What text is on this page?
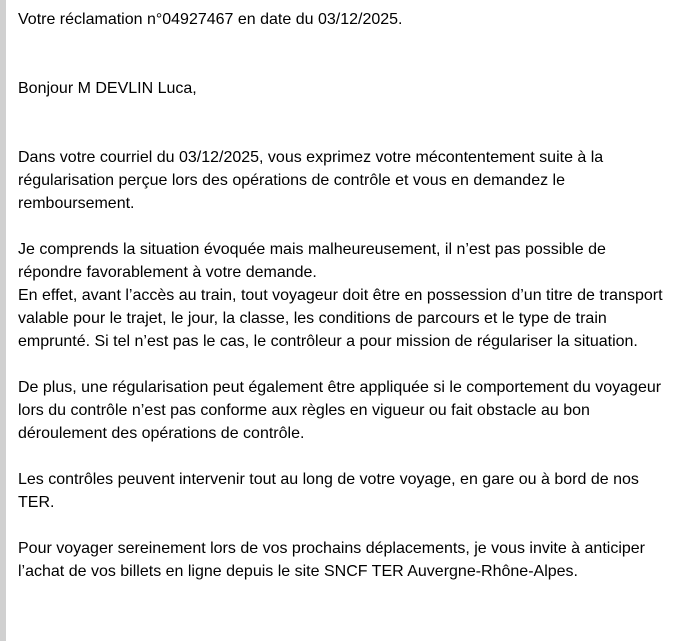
Votre réclamation n°04927467 en date du 03/12/2025.

Bonjour M DEVLIN Luca,

Dans votre courriel du 03/12/2025, vous exprimez votre mécontentement suite à la régularisation perçue lors des opérations de contrôle et vous en demandez le remboursement.

Je comprends la situation évoquée mais malheureusement, il n’est pas possible de répondre favorablement à votre demande.

En effet, avant l’accès au train, tout voyageur doit être en possession d’un titre de transport valable pour le trajet, le jour, la classe, les conditions de parcours et le type de train emprunté. Si tel n’est pas le cas, le contrôleur a pour mission de régulariser la situation.

De plus, une régularisation peut également être appliquée si le comportement du voyageur lors du contrôle n’est pas conforme aux règles en vigueur ou fait obstacle au bon déroulement des opérations de contrôle.

Les contrôles peuvent intervenir tout au long de votre voyage, en gare ou à bord de nos TER.

Pour voyager sereinement lors de vos prochains déplacements, je vous invite à anticiper l’achat de vos billets en ligne depuis le site SNCF TER Auvergne-Rhône-Alpes.
